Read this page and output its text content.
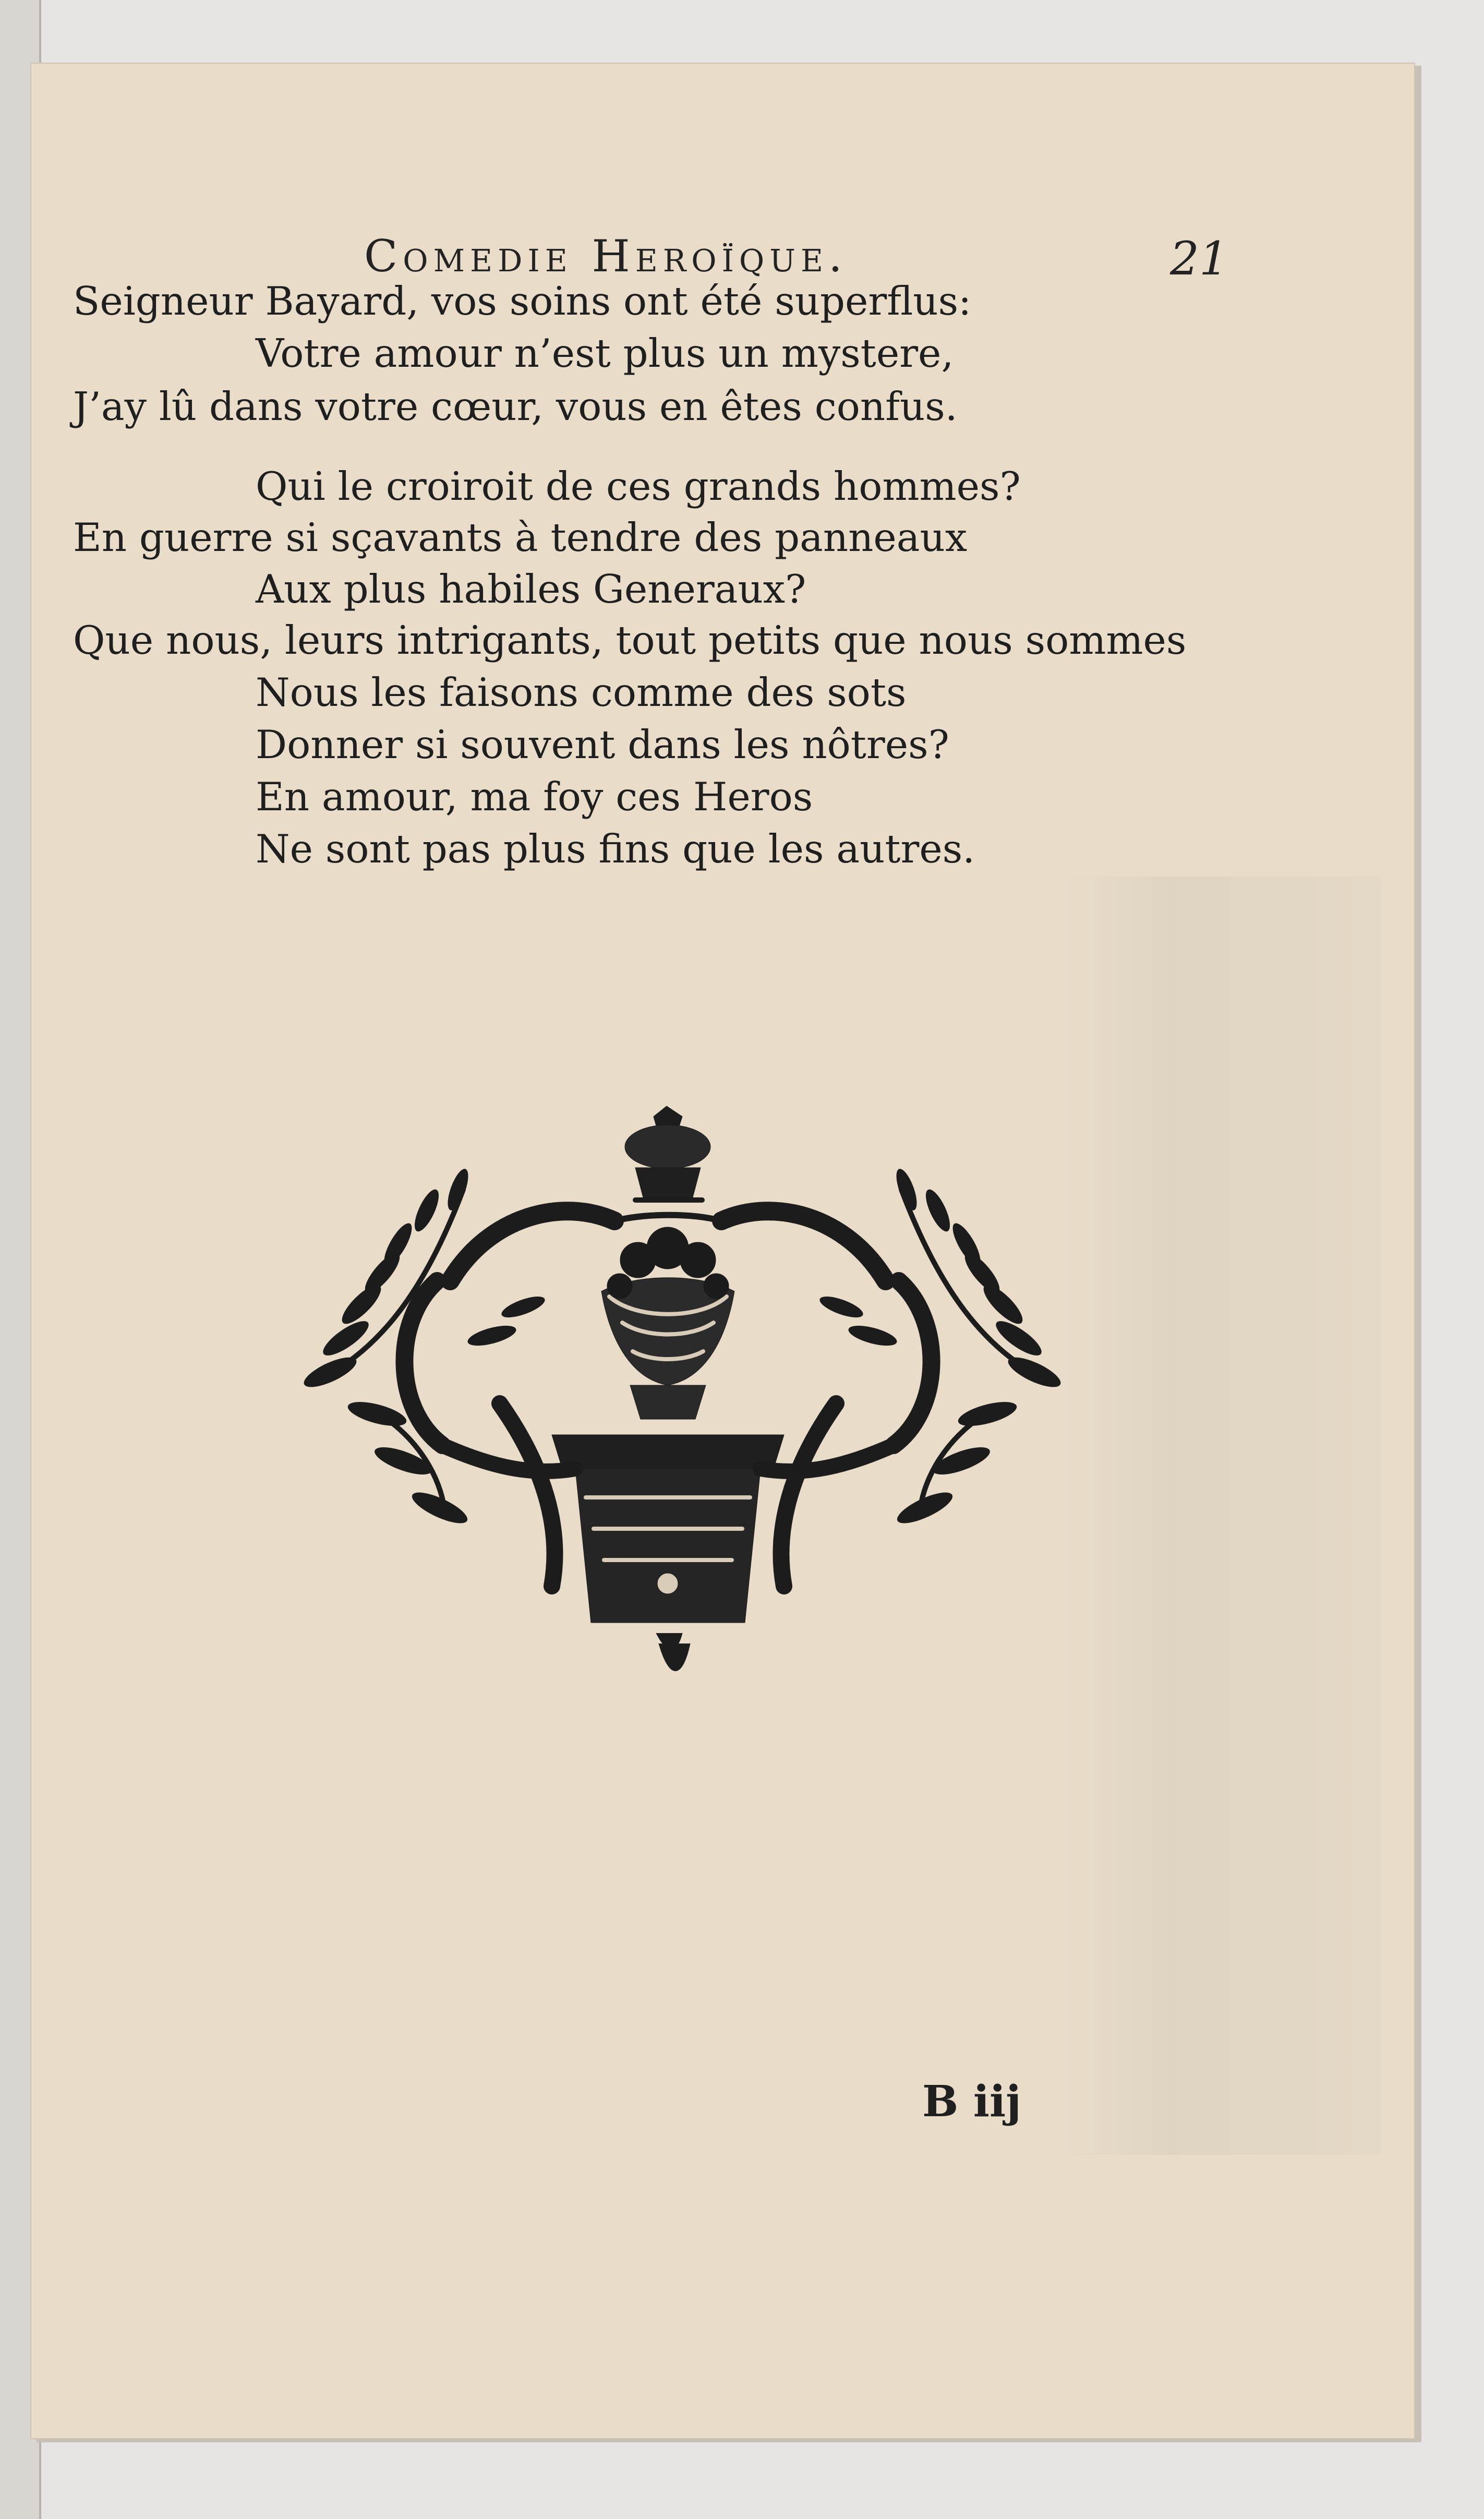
Comedie Heroïque.	21
Seigneur Bayard, vos soins ont été superflus:
Votre amour n’est plus un mystere,
J’ay lû dans votre cœur, vous en êtes confus.
Qui le croiroit de ces grands hommes?
En guerre si sçavants à tendre des panneaux
Aux plus habiles Generaux?
Que nous, leurs intrigants, tout petits que nous sommes
Nous les faisons comme des sots
Donner si souvent dans les nôtres?
En amour, ma foy ces Heros
Ne sont pas plus fins que les autres.
B iij
